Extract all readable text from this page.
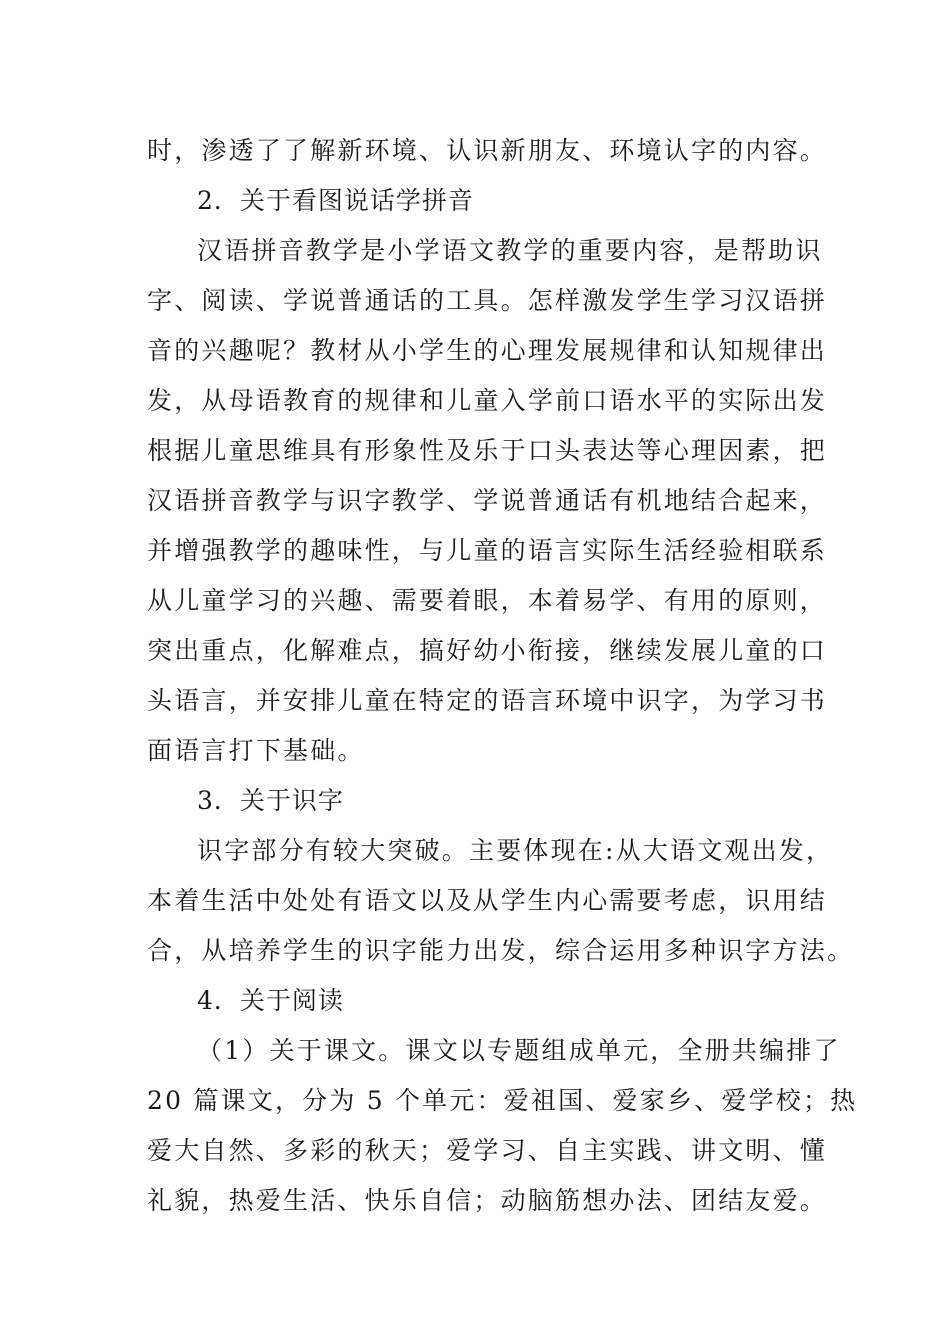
时，渗透了了解新环境、认识新朋友、环境认字的内容。
2．关于看图说话学拼音
汉语拼音教学是小学语文教学的重要内容，是帮助识
字、阅读、学说普通话的工具。怎样激发学生学习汉语拼
音的兴趣呢？教材从小学生的心理发展规律和认知规律出
发，从母语教育的规律和儿童入学前口语水平的实际出发
根据儿童思维具有形象性及乐于口头表达等心理因素，把
汉语拼音教学与识字教学、学说普通话有机地结合起来，
并增强教学的趣味性，与儿童的语言实际生活经验相联系
从儿童学习的兴趣、需要着眼，本着易学、有用的原则，
突出重点，化解难点，搞好幼小衔接，继续发展儿童的口
头语言，并安排儿童在特定的语言环境中识字，为学习书
面语言打下基础。
3．关于识字
识字部分有较大突破。主要体现在:从大语文观出发，
本着生活中处处有语文以及从学生内心需要考虑，识用结
合，从培养学生的识字能力出发，综合运用多种识字方法。
4．关于阅读
（1）关于课文。课文以专题组成单元，全册共编排了
20 篇课文，分为 5 个单元：爱祖国、爱家乡、爱学校；热
爱大自然、多彩的秋天；爱学习、自主实践、讲文明、懂
礼貌，热爱生活、快乐自信；动脑筋想办法、团结友爱。
